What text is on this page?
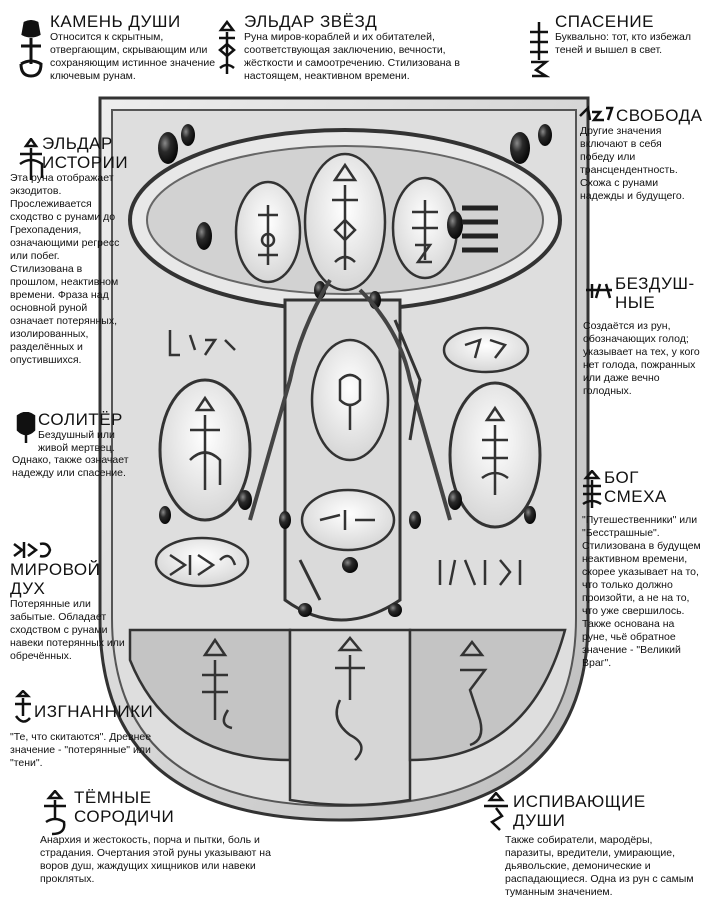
КАМЕНЬ ДУШИ
Относится к скрытным, отвергающим, скрывающим или сохраняющим истинное значение ключевым рунам.
ЭЛЬДАР ЗВЁЗД
Руна миров-кораблей и их обитателей, соответствующая заключению, вечности, жёсткости и самоотречению. Стилизована в настоящем, неактивном времени.
СПАСЕНИЕ
Буквально: тот, кто избежал теней и вышел в свет.
ЭЛЬДАР
ИСТОРИИ
Эта руна отображает экзодитов. Прослеживается сходство с рунами до Грехопадения, означающими регресс или побег. Стилизована в прошлом, неактивном времени. Фраза над основной руной означает потерянных, изолированных, разделённых и опустившихся.
СВОБОДА
Другие значения включают в себя победу или трансцендентность. Схожа с рунами надежды и будущего.
БЕЗДУШ-
НЫЕ
Создаётся из рун, обозначающих голод; указывает на тех, у кого нет голода, пожранных или даже вечно голодных.
СОЛИТЁР
Бездушный или живой мертвец.
Однако, также означает надежду или спасение.	БОГ
СМЕХА
"Путешественники" или "Бесстрашные". Стилизована в будущем неактивном времени, скорее указывает на то, что только должно произойти, а не на то, что уже свершилось. Также основана на руне, чьё обратное значение - "Великий Враг".
МИРОВОЙ
ДУХ
Потерянные или забытые. Обладает сходством с рунами навеки потерянных или обречённых.
ИЗГНАННИКИ
"Те, что скитаются". Древнее значение - "потерянные" или "тени".
ТЁМНЫЕ
СОРОДИЧИ
Анархия и жестокость, порча и пытки, боль и страдания. Очертания этой руны указывают на воров душ, жаждущих хищников или навеки проклятых.
ИСПИВАЮЩИЕ
ДУШИ
Также собиратели, мародёры, паразиты, вредители, умирающие, дьявольские, демонические и распадающиеся. Одна из рун с самым туманным значением.
